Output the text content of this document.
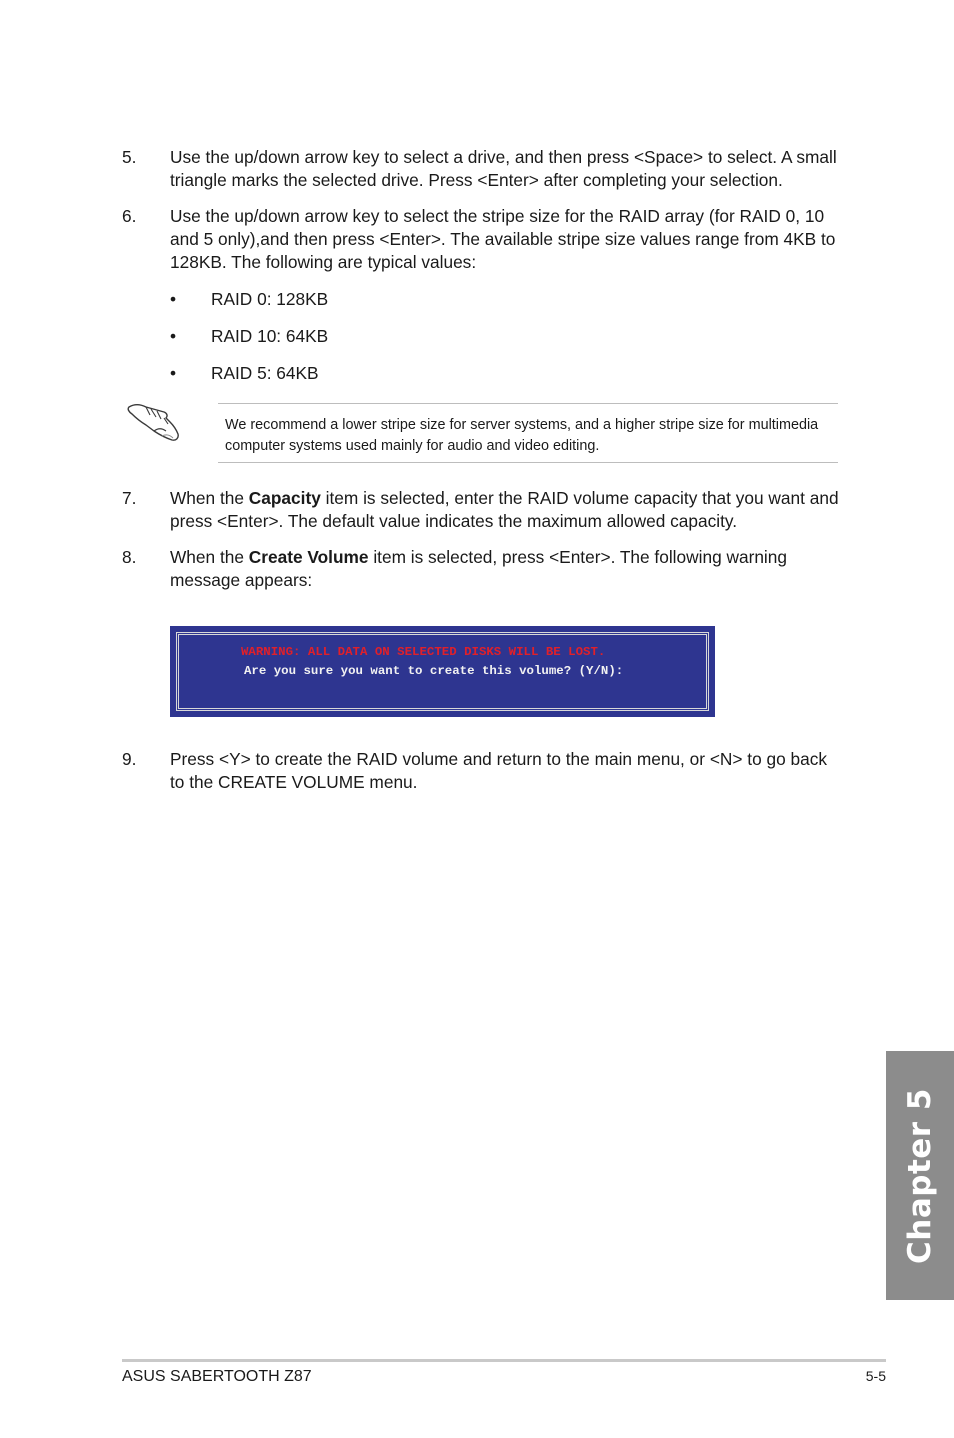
5. Use the up/down arrow key to select a drive, and then press <Space> to select. A small triangle marks the selected drive. Press <Enter> after completing your selection.
6. Use the up/down arrow key to select the stripe size for the RAID array (for RAID 0, 10 and 5 only),and then press <Enter>. The available stripe size values range from 4KB to 128KB. The following are typical values:
• RAID 0: 128KB
• RAID 10: 64KB
• RAID 5: 64KB
We recommend a lower stripe size for server systems, and a higher stripe size for multimedia computer systems used mainly for audio and video editing.
7. When the Capacity item is selected, enter the RAID volume capacity that you want and press <Enter>. The default value indicates the maximum allowed capacity.
8. When the Create Volume item is selected, press <Enter>. The following warning message appears:
WARNING: ALL DATA ON SELECTED DISKS WILL BE LOST.
Are you sure you want to create this volume? (Y/N):
9. Press <Y> to create the RAID volume and return to the main menu, or <N> to go back to the CREATE VOLUME menu.
Chapter 5
ASUS SABERTOOTH Z87	5-5
